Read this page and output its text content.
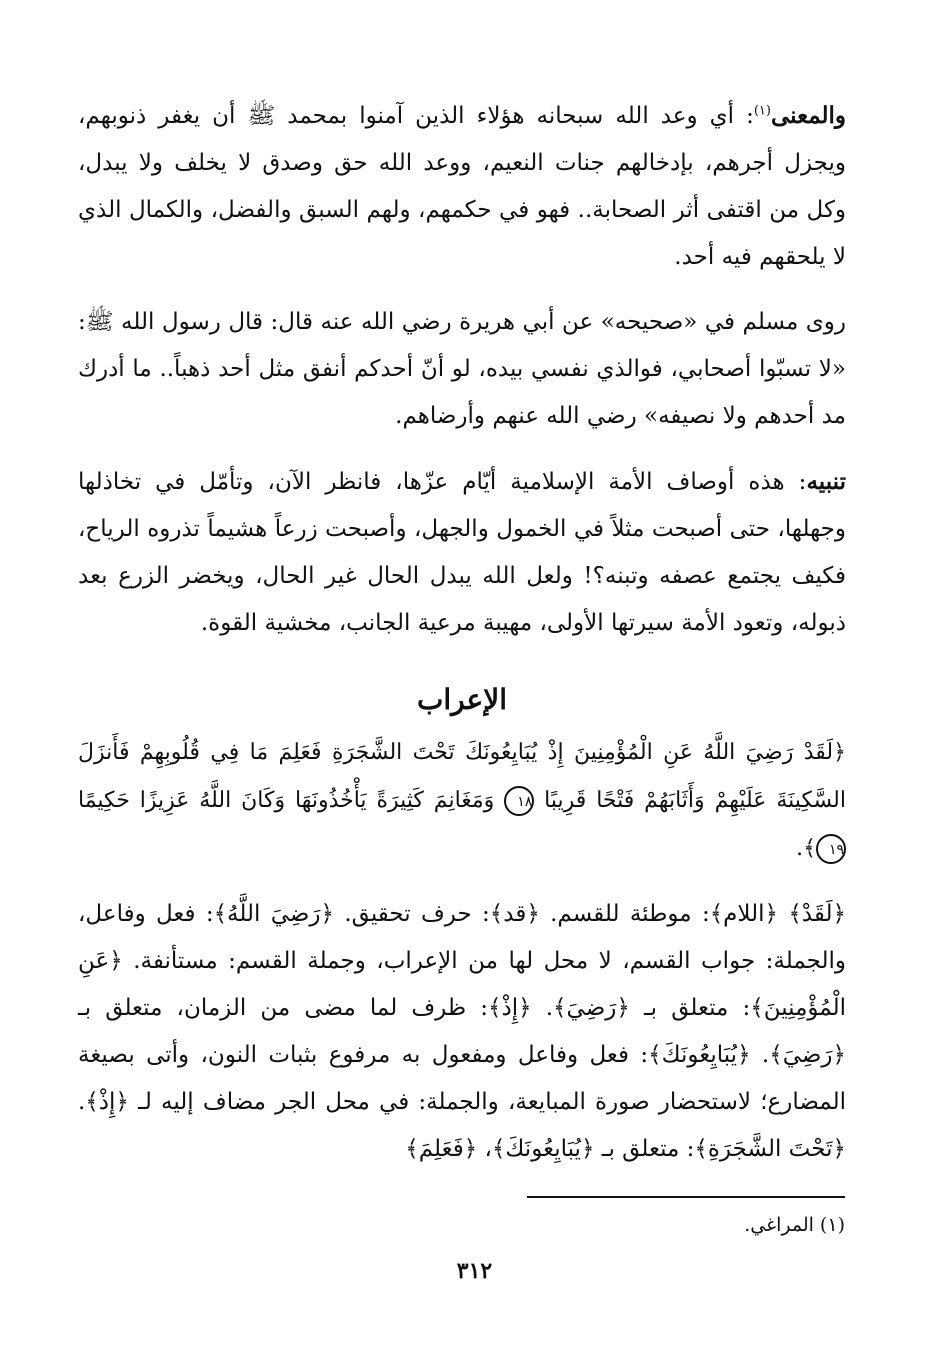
والمعنى$^{(١)}$: أي وعد الله سبحانه هؤلاء الذين آمنوا بمحمد ﷺ أن يغفر ذنوبهم، ويجزل أجرهم، بإدخالهم جنات النعيم، ووعد الله حق وصدق لا يخلف ولا يبدل، وكل من اقتفى أثر الصحابة.. فهو في حكمهم، ولهم السبق والفضل، والكمال الذي لا يلحقهم فيه أحد.

روى مسلم في «صحيحه» عن أبي هريرة رضي الله عنه قال: قال رسول الله ﷺ: «لا تسبّوا أصحابي، فوالذي نفسي بيده، لو أنّ أحدكم أنفق مثل أحد ذهباً.. ما أدرك مد أحدهم ولا نصيفه» رضي الله عنهم وأرضاهم.

تنبيه: هذه أوصاف الأمة الإسلامية أيّام عزّها، فانظر الآن، وتأمّل في تخاذلها وجهلها، حتى أصبحت مثلاً في الخمول والجهل، وأصبحت زرعاً هشيماً تذروه الرياح، فكيف يجتمع عصفه وتبنه؟! ولعل الله يبدل الحال غير الحال، ويخضر الزرع بعد ذبوله، وتعود الأمة سيرتها الأولى، مهيبة مرعية الجانب، مخشية القوة.

الإعراب

﴿لَقَدْ رَضِيَ اللَّهُ عَنِ الْمُؤْمِنِينَ إِذْ يُبَايِعُونَكَ تَحْتَ الشَّجَرَةِ فَعَلِمَ مَا فِي قُلُوبِهِمْ فَأَنزَلَ السَّكِينَةَ عَلَيْهِمْ وَأَثَابَهُمْ فَتْحًا قَرِيبًا ١٨ وَمَغَانِمَ كَثِيرَةً يَأْخُذُونَهَا وَكَانَ اللَّهُ عَزِيزًا حَكِيمًا ١٩﴾.

﴿لَقَدْ﴾ ﴿اللام﴾: موطئة للقسم. ﴿قد﴾: حرف تحقيق. ﴿رَضِيَ اللَّهُ﴾: فعل وفاعل، والجملة: جواب القسم، لا محل لها من الإعراب، وجملة القسم: مستأنفة. ﴿عَنِ الْمُؤْمِنِينَ﴾: متعلق بـ ﴿رَضِيَ﴾. ﴿إِذْ﴾: ظرف لما مضى من الزمان، متعلق بـ ﴿رَضِيَ﴾. ﴿يُبَايِعُونَكَ﴾: فعل وفاعل ومفعول به مرفوع بثبات النون، وأتى بصيغة المضارع؛ لاستحضار صورة المبايعة، والجملة: في محل الجر مضاف إليه لـ ﴿إِذْ﴾. ﴿تَحْتَ الشَّجَرَةِ﴾: متعلق بـ ﴿يُبَايِعُونَكَ﴾، ﴿فَعَلِمَ﴾

(١) المراغي.
٣١٢
